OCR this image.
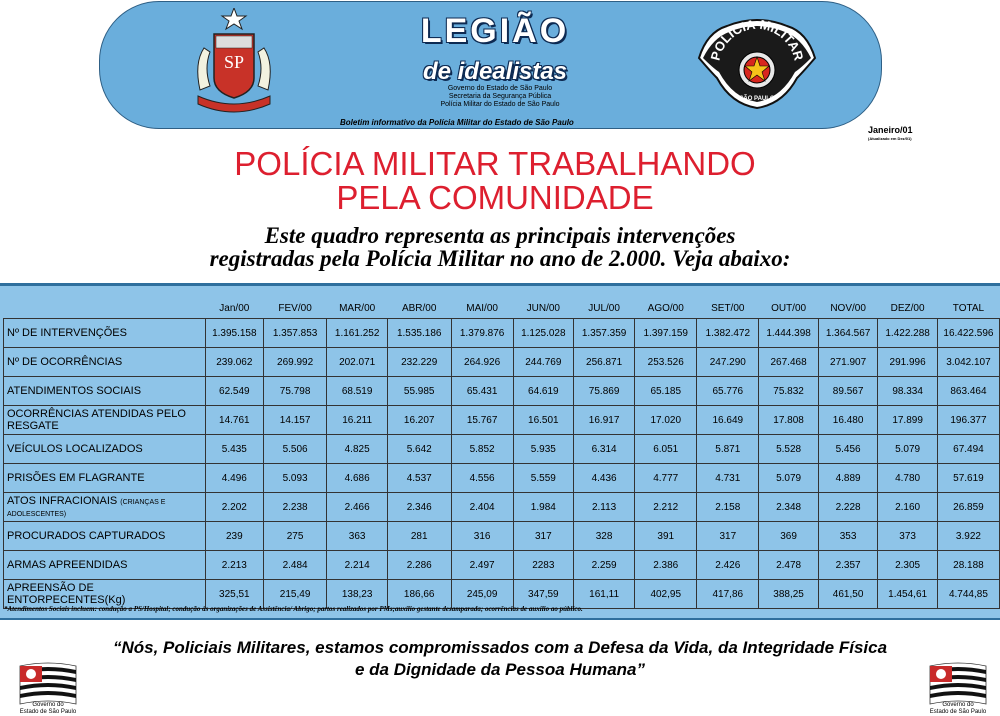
SP
LEGIÃO
de idealistas
Governo do Estado de São Paulo
Secretaria da Segurança Pública
Polícia Militar do Estado de São Paulo
POLICIA MILITAR
SÃO PAULO
Boletim informativo da Polícia Militar do Estado de São Paulo
Janeiro/01
(Atualizado em Dez/01)
POLÍCIA MILITAR TRABALHANDO
PELA COMUNIDADE
Este quadro representa as principais intervenções
registradas pela Polícia Militar no ano de 2.000. Veja abaixo:
	Jan/00	FEV/00	MAR/00	ABR/00	MAI/00	JUN/00	JUL/00	AGO/00	SET/00	OUT/00	NOV/00	DEZ/00	TOTAL
Nº DE INTERVENÇÕES	1.395.158	1.357.853	1.161.252	1.535.186	1.379.876	1.125.028	1.357.359	1.397.159	1.382.472	1.444.398	1.364.567	1.422.288	16.422.596
Nº DE OCORRÊNCIAS	239.062	269.992	202.071	232.229	264.926	244.769	256.871	253.526	247.290	267.468	271.907	291.996	3.042.107
ATENDIMENTOS SOCIAIS	62.549	75.798	68.519	55.985	65.431	64.619	75.869	65.185	65.776	75.832	89.567	98.334	863.464
OCORRÊNCIAS ATENDIDAS PELO RESGATE	14.761	14.157	16.211	16.207	15.767	16.501	16.917	17.020	16.649	17.808	16.480	17.899	196.377
VEÍCULOS LOCALIZADOS	5.435	5.506	4.825	5.642	5.852	5.935	6.314	6.051	5.871	5.528	5.456	5.079	67.494
PRISÕES EM FLAGRANTE	4.496	5.093	4.686	4.537	4.556	5.559	4.436	4.777	4.731	5.079	4.889	4.780	57.619
ATOS INFRACIONAIS (CRIANÇAS E ADOLESCENTES)	2.202	2.238	2.466	2.346	2.404	1.984	2.113	2.212	2.158	2.348	2.228	2.160	26.859
PROCURADOS CAPTURADOS	239	275	363	281	316	317	328	391	317	369	353	373	3.922
ARMAS APREENDIDAS	2.213	2.484	2.214	2.286	2.497	2283	2.259	2.386	2.426	2.478	2.357	2.305	28.188
APREENSÃO DE ENTORPECENTES(Kg)	325,51	215,49	138,23	186,66	245,09	347,59	161,11	402,95	417,86	388,25	461,50	1.454,61	4.744,85
*Atendimentos Sociais incluem: condução a PS/Hospital; condução às organizações de Assistência/ Abrigo; partos realizados por PMs;auxílio gestante desamparada; ocorrências de auxílio ao público.
“Nós, Policiais Militares, estamos compromissados com a Defesa da Vida, da Integridade Física
e da Dignidade da Pessoa Humana”
Governo do
Estado de São Paulo
Governo do
Estado de São Paulo
